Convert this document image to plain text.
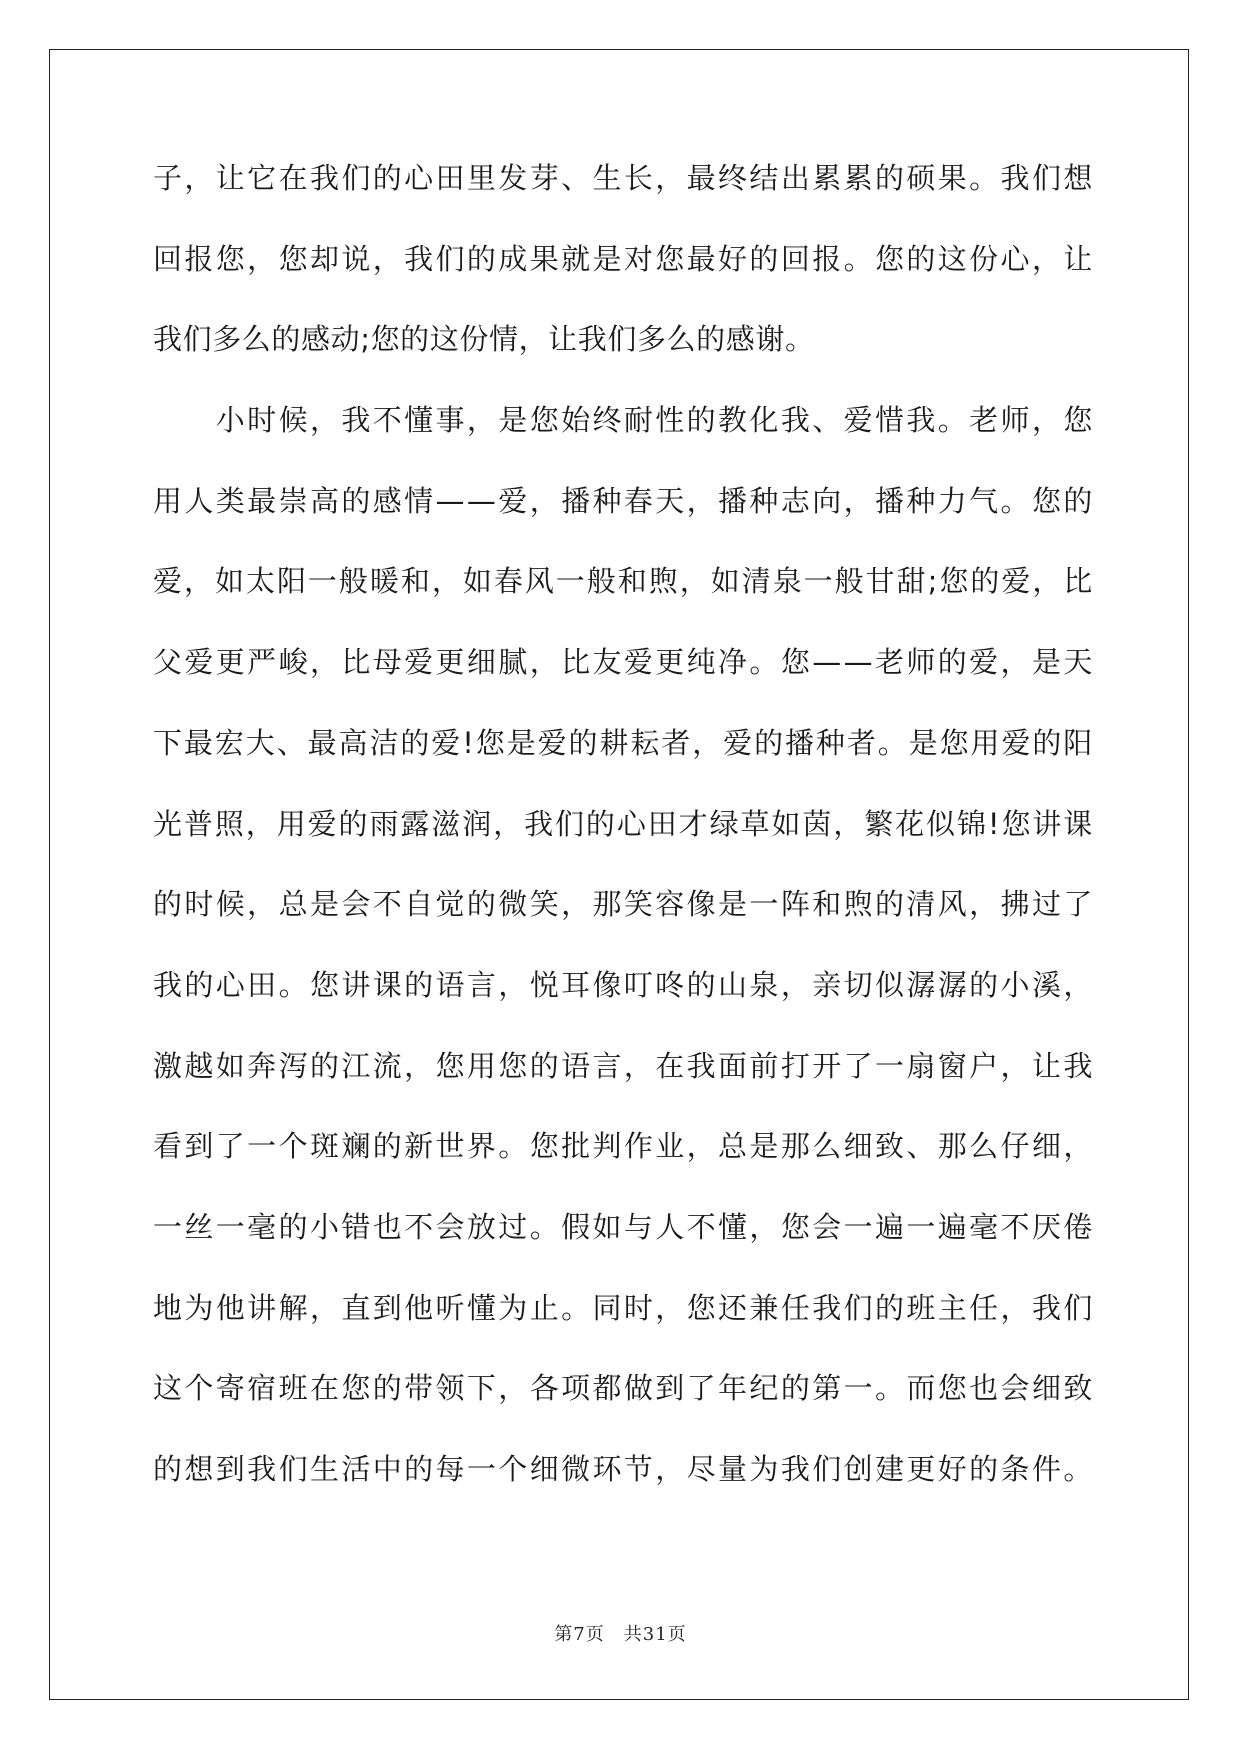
子 ， 让 它 在 我 们 的 心 田 里 发 芽 、 生 长 ， 最 终 结 出 累 累 的 硕 果 。 我 们 想
回 报 您 ， 您 却 说 ， 我 们 的 成 果 就 是 对 您 最 好 的 回 报 。 您 的 这 份 心 ， 让
我们多么的感动;您的这份情，让我们多么的感谢。

小 时 候 ， 我 不 懂 事 ， 是 您 始 终 耐 性 的 教 化 我 、 爱 惜 我 。 老 师 ， 您
用 人 类 最 崇 高 的 感 情 — — 爱 ， 播 种 春 天 ， 播 种 志 向 ， 播 种 力 气 。 您 的
爱 ， 如 太 阳 一 般 暖 和 ， 如 春 风 一 般 和 煦 ， 如 清 泉 一 般 甘 甜 ; 您 的 爱 ， 比
父 爱 更 严 峻 ， 比 母 爱 更 细 腻 ， 比 友 爱 更 纯 净 。 您 — — 老 师 的 爱 ， 是 天
下 最 宏 大 、 最 高 洁 的 爱 ! 您 是 爱 的 耕 耘 者 ， 爱 的 播 种 者 。 是 您 用 爱 的 阳
光 普 照 ， 用 爱 的 雨 露 滋 润 ， 我 们 的 心 田 才 绿 草 如 茵 ， 繁 花 似 锦 ! 您 讲 课
的 时 候 ， 总 是 会 不 自 觉 的 微 笑 ， 那 笑 容 像 是 一 阵 和 煦 的 清 风 ， 拂 过 了
我 的 心 田 。 您 讲 课 的 语 言 ， 悦 耳 像 叮 咚 的 山 泉 ， 亲 切 似 潺 潺 的 小 溪 ，
激 越 如 奔 泻 的 江 流 ， 您 用 您 的 语 言 ， 在 我 面 前 打 开 了 一 扇 窗 户 ， 让 我
看 到 了 一 个 斑 斓 的 新 世 界 。 您 批 判 作 业 ， 总 是 那 么 细 致 、 那 么 仔 细 ，
一 丝 一 毫 的 小 错 也 不 会 放 过 。 假 如 与 人 不 懂 ， 您 会 一 遍 一 遍 毫 不 厌 倦
地 为 他 讲 解 ， 直 到 他 听 懂 为 止 。 同 时 ， 您 还 兼 任 我 们 的 班 主 任 ， 我 们
这 个 寄 宿 班 在 您 的 带 领 下 ， 各 项 都 做 到 了 年 纪 的 第 一 。 而 您 也 会 细 致
的 想 到 我 们 生 活 中 的 每 一 个 细 微 环 节 ， 尽 量 为 我 们 创 建 更 好 的 条 件 。
第7页　共31页
